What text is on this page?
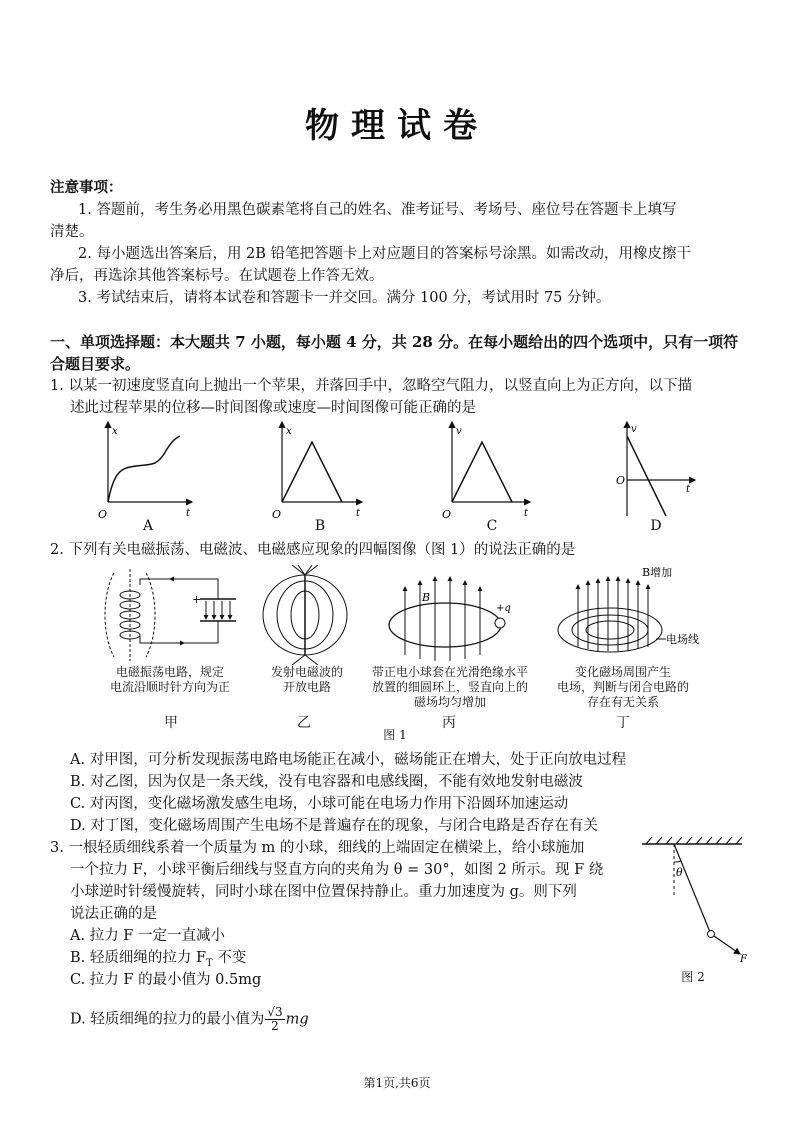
物理试卷
注意事项：
1. 答题前，考生务必用黑色碳素笔将自己的姓名、准考证号、考场号、座位号在答题卡上填写
清楚。
2. 每小题选出答案后，用 2B 铅笔把答题卡上对应题目的答案标号涂黑。如需改动，用橡皮擦干
净后，再选涂其他答案标号。在试题卷上作答无效。
3. 考试结束后，请将本试卷和答题卡一并交回。满分 100 分，考试用时 75 分钟。
一、单项选择题：本大题共 7 小题，每小题 4 分，共 28 分。在每小题给出的四个选项中，只有一项符
合题目要求。
1. 以某一初速度竖直向上抛出一个苹果，并落回手中，忽略空气阻力，以竖直向上为正方向，以下描
述此过程苹果的位移—时间图像或速度—时间图像可能正确的是
x
t
O
x
t
O
v
t
O
v
t
O
A	B	C	D
2. 下列有关电磁振荡、电磁波、电磁感应现象的四幅图像（图 1）的说法正确的是
+	B
+q
B增加
电场线
电磁振荡电路，规定
电流沿顺时针方向为正
发射电磁波的
开放电路
带正电小球套在光滑绝缘水平
放置的细圆环上，竖直向上的
磁场均匀增加
变化磁场周围产生
电场，判断与闭合电路的
存在有无关系
甲	乙	丙	丁
图 1
A. 对甲图，可分析发现振荡电路电场能正在减小，磁场能正在增大，处于正向放电过程
B. 对乙图，因为仅是一条天线，没有电容器和电感线圈，不能有效地发射电磁波
C. 对丙图，变化磁场激发感生电场，小球可能在电场力作用下沿圆环加速运动
D. 对丁图，变化磁场周围产生电场不是普遍存在的现象，与闭合电路是否存在有关
3. 一根轻质细线系着一个质量为 m 的小球，细线的上端固定在横梁上，给小球施加
一个拉力 F，小球平衡后细线与竖直方向的夹角为 θ = 30°，如图 2 所示。现 F 绕
小球逆时针缓慢旋转，同时小球在图中位置保持静止。重力加速度为 g。则下列
说法正确的是
A. 拉力 F 一定一直减小
B. 轻质细绳的拉力 $F_T$ 不变
C. 拉力 F 的最小值为 0.5mg
D. 轻质细绳的拉力的最小值为 $\frac{√3}{2}$ mg
θ
F
图 2
第1页,共6页
